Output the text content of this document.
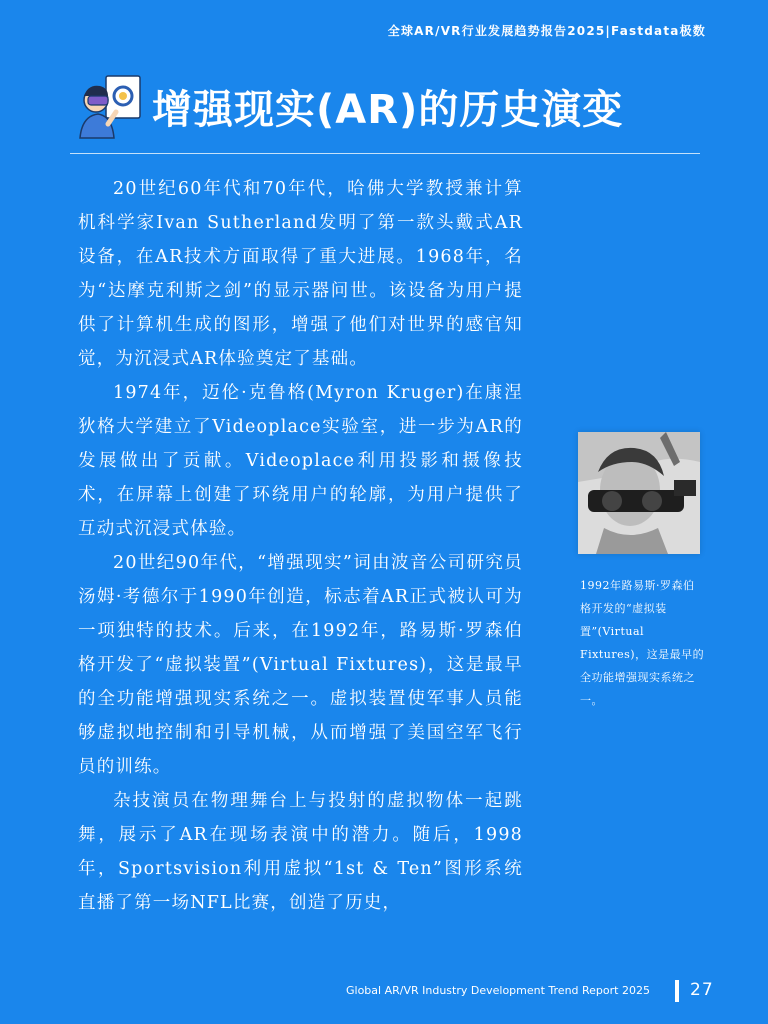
全球AR/VR行业发展趋势报告2025|Fastdata极数
增强现实(AR)的历史演变

20世纪60年代和70年代，哈佛大学教授兼计算机科学家Ivan Sutherland发明了第一款头戴式AR设备，在AR技术方面取得了重大进展。1968年，名为“达摩克利斯之剑”的显示器问世。该设备为用户提供了计算机生成的图形，增强了他们对世界的感官知觉，为沉浸式AR体验奠定了基础。

1974年，迈伦·克鲁格(Myron Kruger)在康涅狄格大学建立了Videoplace实验室，进一步为AR的发展做出了贡献。Videoplace利用投影和摄像技术，在屏幕上创建了环绕用户的轮廓，为用户提供了互动式沉浸式体验。

20世纪90年代，“增强现实”词由波音公司研究员汤姆·考德尔于1990年创造，标志着AR正式被认可为一项独特的技术。后来，在1992年，路易斯·罗森伯格开发了“虚拟装置”(Virtual Fixtures)，这是最早的全功能增强现实系统之一。虚拟装置使军事人员能够虚拟地控制和引导机械，从而增强了美国空军飞行员的训练。

杂技演员在物理舞台上与投射的虚拟物体一起跳舞，展示了AR在现场表演中的潜力。随后，1998年，Sportsvision利用虚拟“1st & Ten”图形系统直播了第一场NFL比赛，创造了历史，

1992年路易斯·罗森伯格开发的“虚拟装置”(Virtual Fixtures)，这是最早的全功能增强现实系统之一。
Global AR/VR Industry Development Trend Report 2025 27
